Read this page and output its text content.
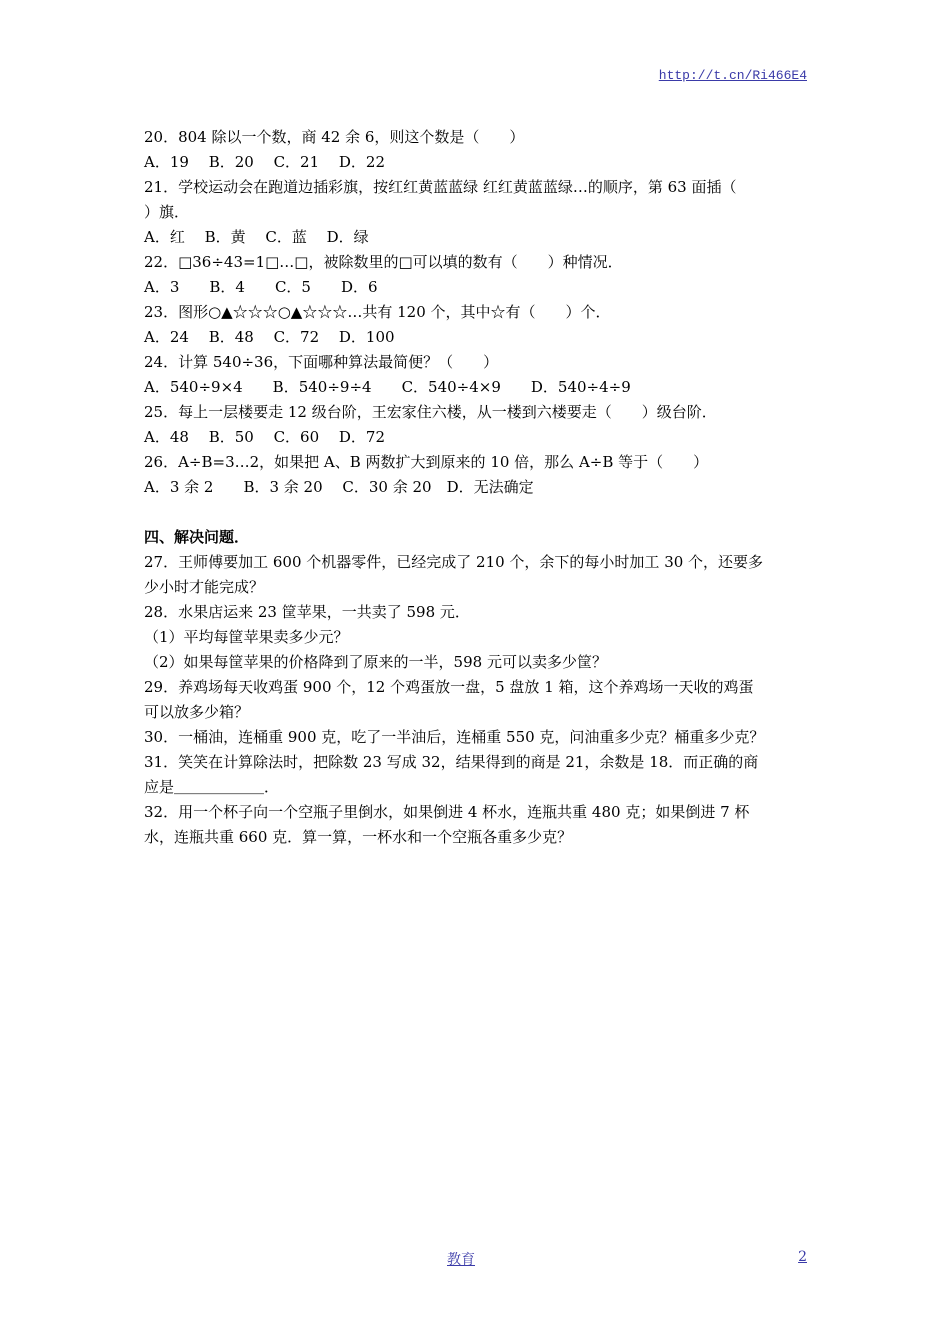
http://t.cn/Ri466E4
20．804 除以一个数，商 42 余 6，则这个数是（　　）
A．19　 B．20　 C．21　 D．22
21．学校运动会在跑道边插彩旗，按红红黄蓝蓝绿 红红黄蓝蓝绿…的顺序，第 63 面插（
）旗．
A．红　 B．黄　 C．蓝　 D．绿
22．□36÷43=1□…□，被除数里的□可以填的数有（　　）种情况．
A．3　　B．4　　C．5　　D．6
23．图形○▲☆☆☆○▲☆☆☆…共有 120 个，其中☆有（　　）个．
A．24　 B．48　 C．72　 D．100
24．计算 540÷36，下面哪种算法最简便？（　　）
A．540÷9×4　　B．540÷9÷4　　C．540÷4×9　　D．540÷4÷9
25．每上一层楼要走 12 级台阶，王宏家住六楼，从一楼到六楼要走（　　）级台阶．
A．48　 B．50　 C．60　 D．72
26．A÷B=3…2，如果把 A、B 两数扩大到原来的 10 倍，那么 A÷B 等于（　　）
A．3 余 2　　B．3 余 20　 C．30 余 20　D．无法确定
四、解决问题．
27．王师傅要加工 600 个机器零件，已经完成了 210 个，余下的每小时加工 30 个，还要多
少小时才能完成？
28．水果店运来 23 筐苹果，一共卖了 598 元．
（1）平均每筐苹果卖多少元？
（2）如果每筐苹果的价格降到了原来的一半，598 元可以卖多少筐？
29．养鸡场每天收鸡蛋 900 个，12 个鸡蛋放一盘，5 盘放 1 箱，这个养鸡场一天收的鸡蛋
可以放多少箱？
30．一桶油，连桶重 900 克，吃了一半油后，连桶重 550 克，问油重多少克？桶重多少克？
31．笑笑在计算除法时，把除数 23 写成 32，结果得到的商是 21，余数是 18．而正确的商
应是＿＿＿＿＿＿．
32．用一个杯子向一个空瓶子里倒水，如果倒进 4 杯水，连瓶共重 480 克；如果倒进 7 杯
水，连瓶共重 660 克．算一算，一杯水和一个空瓶各重多少克？
教育	2
